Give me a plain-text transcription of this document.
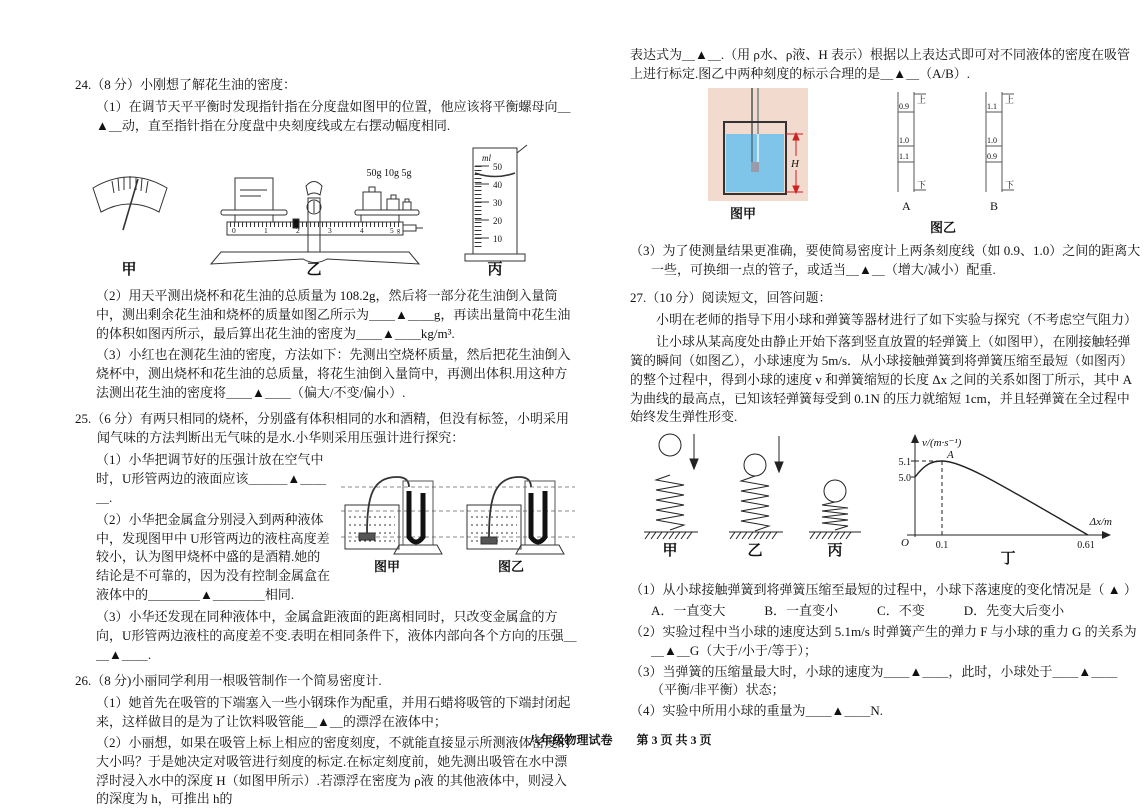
24.（8 分）小刚想了解花生油的密度：

（1）在调节天平平衡时发现指针指在分度盘如图甲的位置，他应该将平衡螺母向＿▲＿动，直至指针指在分度盘中央刻度线或左右摆动幅度相同.

50g 10g 5g
0	1	2	3	4	5 g
ml
50
40
30
20
10
甲	乙	丙

（2）用天平测出烧杯和花生油的总质量为 108.2g，然后将一部分花生油倒入量筒中，测出剩余花生油和烧杯的质量如图乙所示为＿＿▲＿＿g，再读出量筒中花生油的体积如图丙所示，最后算出花生油的密度为＿＿▲＿＿kg/m³.

（3）小红也在测花生油的密度，方法如下：先测出空烧杯质量，然后把花生油倒入烧杯中，测出烧杯和花生油的总质量，将花生油倒入量筒中，再测出体积.用这种方法测出花生油的密度将＿＿▲＿＿（偏大/不变/偏小）.

25.（6 分）有两只相同的烧杯，分别盛有体积相同的水和酒精，但没有标签，小明采用闻气味的方法判断出无气味的是水.小华则采用压强计进行探究：

图甲	图乙

（1）小华把调节好的压强计放在空气中时，U形管两边的液面应该＿＿＿▲＿＿＿.

（2）小华把金属盒分别浸入到两种液体中，发现图甲中 U形管两边的液柱高度差较小，认为图甲烧杯中盛的是酒精.她的结论是不可靠的，因为没有控制金属盒在液体中的＿＿＿＿▲＿＿＿＿相同.

（3）小华还发现在同种液体中，金属盒距液面的距离相同时，只改变金属盒的方向，U形管两边液柱的高度差不变.表明在相同条件下，液体内部向各个方向的压强＿＿▲＿＿.

26.（8 分)小丽同学利用一根吸管制作一个简易密度计.

（1）她首先在吸管的下端塞入一些小钢珠作为配重，并用石蜡将吸管的下端封闭起来，这样做目的是为了让饮料吸管能＿▲＿的漂浮在液体中；

（2）小丽想，如果在吸管上标上相应的密度刻度，不就能直接显示所测液体密度的大小吗？于是她决定对吸管进行刻度的标定.在标定刻度前，她先测出吸管在水中漂浮时浸入水中的深度 H（如图甲所示）.若漂浮在密度为 ρ液 的其他液体中，则浸入的深度为 h，可推出 h的

表达式为＿▲＿.（用 ρ水、ρ液、H 表示）根据以上表达式即可对不同液体的密度在吸管上进行标定.图乙中两种刻度的标示合理的是＿▲＿（A/B）.

H
图甲
0.9
1.0
1.1
上
下
A
1.1
1.0
0.9
上
下
B
图乙

（3）为了使测量结果更准确，要使简易密度计上两条刻度线（如 0.9、1.0）之间的距离大一些，可换细一点的管子，或适当＿▲＿（增大/减小）配重.

27.（10 分）阅读短文，回答问题：

小明在老师的指导下用小球和弹簧等器材进行了如下实验与探究（不考虑空气阻力）

让小球从某高度处由静止开始下落到竖直放置的轻弹簧上（如图甲），在刚接触轻弹簧的瞬间（如图乙），小球速度为 5m/s．从小球接触弹簧到将弹簧压缩至最短（如图丙）的整个过程中，得到小球的速度 v 和弹簧缩短的长度 Δx 之间的关系如图丁所示，其中 A 为曲线的最高点，已知该轻弹簧每受到 0.1N 的压力就缩短 1cm，并且轻弹簧在全过程中始终发生弹性形变.

v/(m·s⁻¹)
5.1
5.0
A
O	0.1	0.61
Δx/m
甲	乙	丙	丁

（1）从小球接触弹簧到将弹簧压缩至最短的过程中，小球下落速度的变化情况是（ ▲ ）

A．一直变大　　　B．一直变小　　　C．不变　　　D．先变大后变小

（2）实验过程中当小球的速度达到 5.1m/s 时弹簧产生的弹力 F 与小球的重力 G 的关系为＿▲＿G（大于/小于/等于）；

（3）当弹簧的压缩量最大时，小球的速度为＿＿▲＿＿，此时，小球处于＿＿▲＿＿（平衡/非平衡）状态；

（4）实验中所用小球的重量为＿＿▲＿＿N.

八年级物理试卷　　第 3 页 共 3 页
